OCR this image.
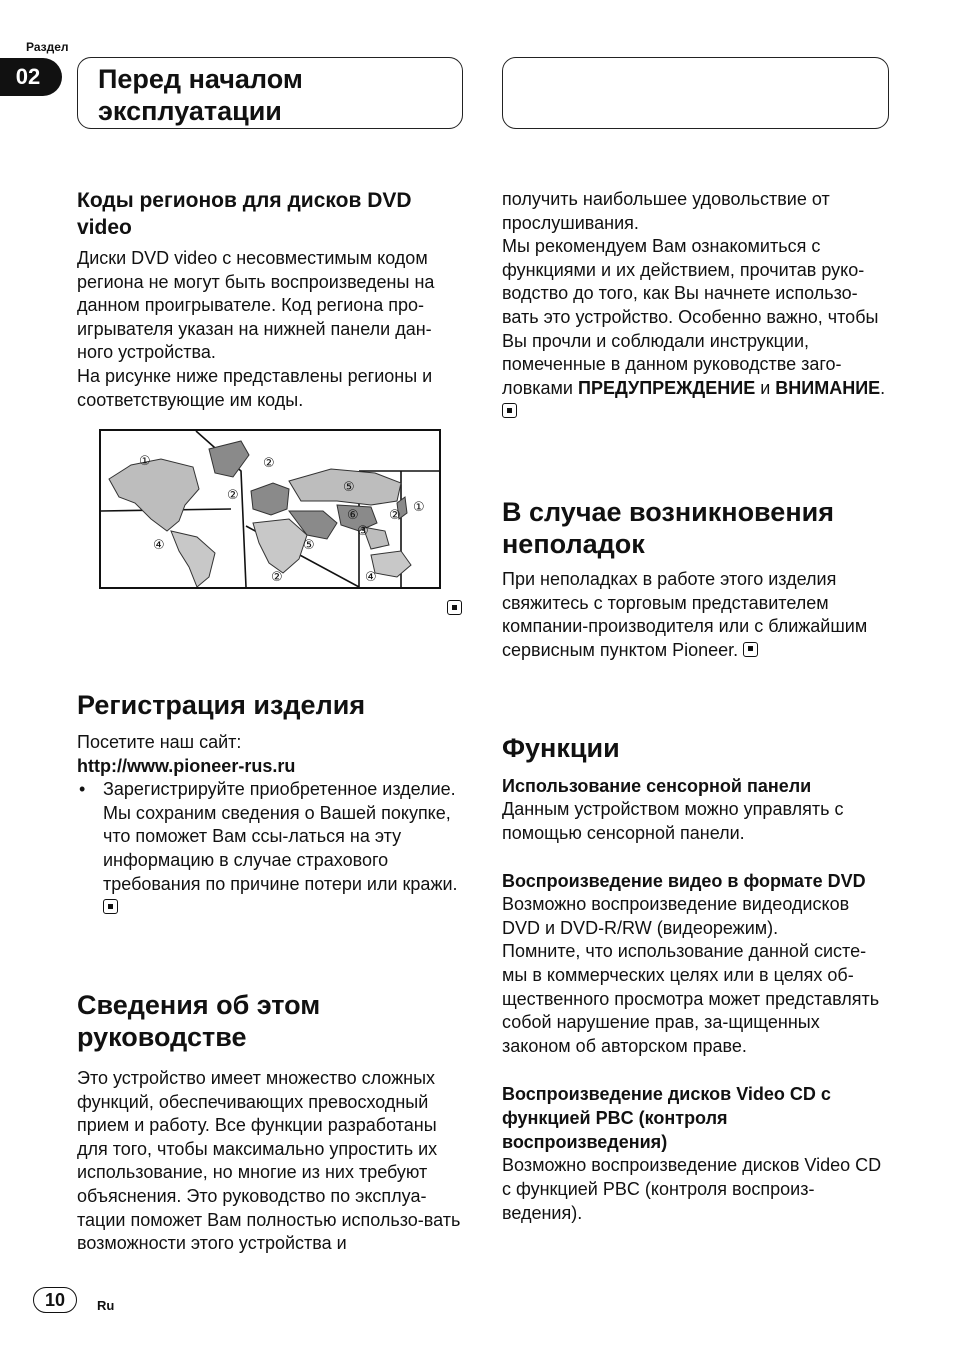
Раздел
02	Перед началом эксплуатации
Коды регионов для дисков DVD video

Диски DVD video с несовместимым кодом региона не могут быть воспроизведены на данном проигрывателе. Код региона про-игрывателя указан на нижней панели дан-ного устройства.

На рисунке ниже представлены регионы и соответствующие им коды.

①
②
②
④
⑤
⑤
⑥
③
②
①
②	④
Регистрация изделия

Посетите наш сайт:

http://www.pioneer-rus.ru

• Зарегистрируйте приобретенное изделие. Мы сохраним сведения о Вашей покупке, что поможет Вам ссы-латься на эту информацию в случае страхового требования по причине потери или кражи.

Сведения об этом руководстве

Это устройство имеет множество сложных функций, обеспечивающих превосходный прием и работу. Все функции разработаны для того, чтобы максимально упростить их использование, но многие из них требуют объяснения. Это руководство по эксплуа-тации поможет Вам полностью использо-вать возможности этого устройства и

получить наибольшее удовольствие от прослушивания.

Мы рекомендуем Вам ознакомиться с функциями и их действием, прочитав руко-водство до того, как Вы начнете использо-вать это устройство. Особенно важно, чтобы Вы прочли и соблюдали инструкции, помеченные в данном руководстве заго-ловками ПРЕДУПРЕЖДЕНИЕ и ВНИМАНИЕ.

В случае возникновения неполадок

При неполадках в работе этого изделия свяжитесь с торговым представителем компании-производителя или с ближайшим сервисным пунктом Pioneer.

Функции
Использование сенсорной панели

Данным устройством можно управлять с помощью сенсорной панели.

Воспроизведение видео в формате DVD

Возможно воспроизведение видеодисков DVD и DVD-R/RW (видеорежим).

Помните, что использование данной систе-мы в коммерческих целях или в целях об-щественного просмотра может представлять собой нарушение прав, за-щищенных законом об авторском праве.

Воспроизведение дисков Video CD с функцией PBC (контроля воспроизведения)

Возможно воспроизведение дисков Video CD с функцией PBC (контроля воспроиз-ведения).

10	Ru
